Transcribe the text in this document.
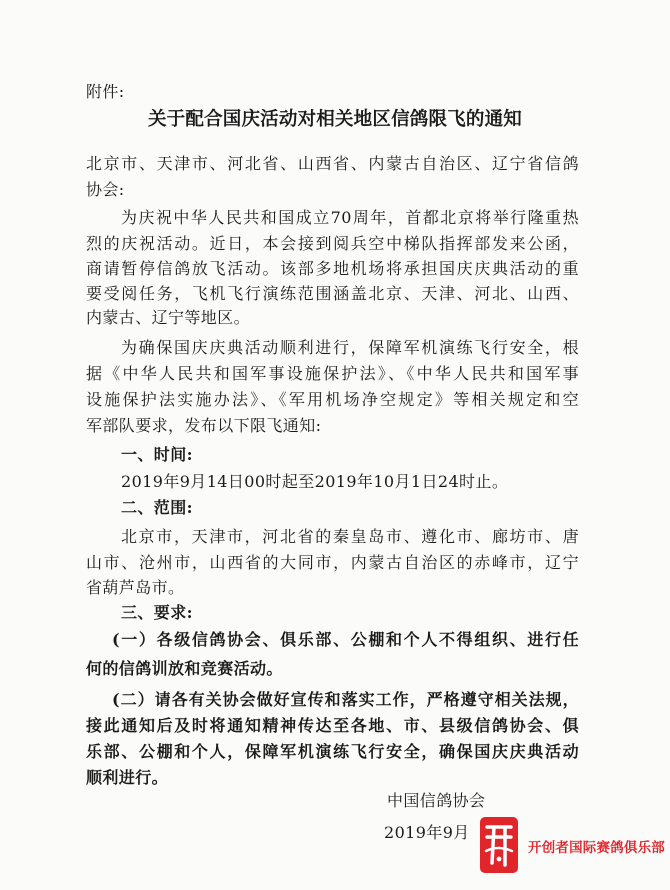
附件:
关于配合国庆活动对相关地区信鸽限飞的通知
北京市、天津市、河北省、山西省、内蒙古自治区、辽宁省信鸽
协会:
为庆祝中华人民共和国成立70周年，首都北京将举行隆重热
烈的庆祝活动。近日，本会接到阅兵空中梯队指挥部发来公函，
商请暂停信鸽放飞活动。该部多地机场将承担国庆庆典活动的重
要受阅任务，飞机飞行演练范围涵盖北京、天津、河北、山西、
内蒙古、辽宁等地区。
为确保国庆庆典活动顺利进行，保障军机演练飞行安全，根
据《中华人民共和国军事设施保护法》、《中华人民共和国军事
设施保护法实施办法》、《军用机场净空规定》等相关规定和空
军部队要求，发布以下限飞通知:
一、时间:
2019年9月14日00时起至2019年10月1日24时止。
二、范围:
北京市，天津市，河北省的秦皇岛市、遵化市、廊坊市、唐
山市、沧州市，山西省的大同市，内蒙古自治区的赤峰市，辽宁
省葫芦岛市。
三、要求:
(一）各级信鸽协会、俱乐部、公棚和个人不得组织、进行任
何的信鸽训放和竞赛活动。
(二）请各有关协会做好宣传和落实工作，严格遵守相关法规，
接此通知后及时将通知精神传达至各地、市、县级信鸽协会、俱
乐部、公棚和个人，保障军机演练飞行安全，确保国庆庆典活动
顺利进行。
中国信鸽协会
2019年9月
开创者国际赛鸽俱乐部
